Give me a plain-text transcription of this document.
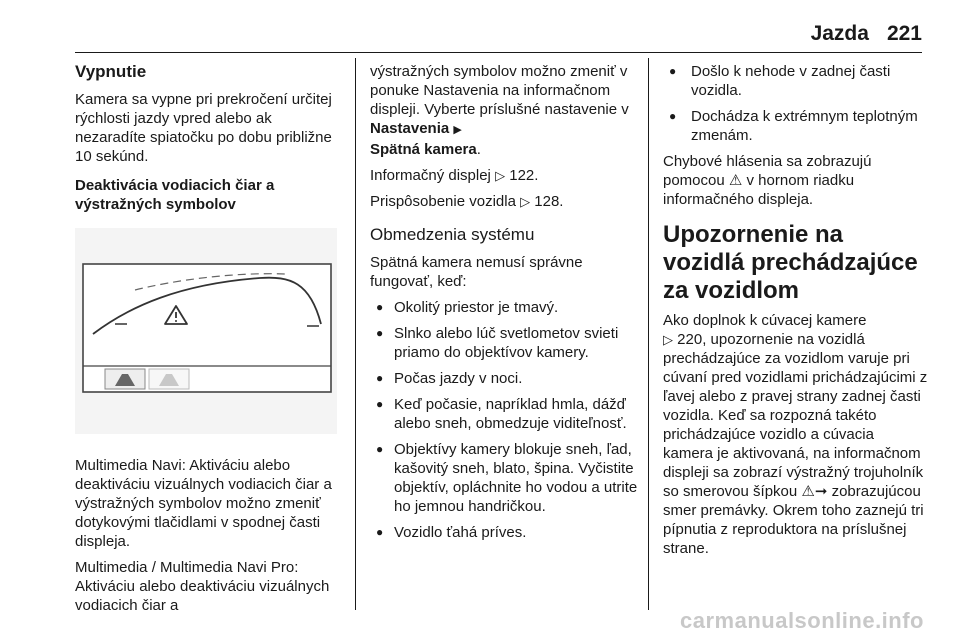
Jazda 221
Vypnutie

Kamera sa vypne pri prekročení určitej rýchlosti jazdy vpred alebo ak nezaradíte spiatočku po dobu približne 10 sekúnd.

Deaktivácia vodiacich čiar a výstražných symbolov

Multimedia Navi: Aktiváciu alebo deaktiváciu vizuálnych vodiacich čiar a výstražných symbolov možno zmeniť dotykovými tlačidlami v spodnej časti displeja.

Multimedia / Multimedia Navi Pro: Aktiváciu alebo deaktiváciu vizuálnych vodiacich čiar a

výstražných symbolov možno zmeniť v ponuke Nastavenia na informačnom displeji. Vyberte príslušné nastavenie v Nastavenia ▶
Spätná kamera.

Informačný displej ▷ 122.

Prispôsobenie vozidla ▷ 128.

Obmedzenia systému

Spätná kamera nemusí správne fungovať, keď:

● Okolitý priestor je tmavý.
● Slnko alebo lúč svetlometov svieti priamo do objektívov kamery.
● Počas jazdy v noci.
● Keď počasie, napríklad hmla, dážď alebo sneh, obmedzuje viditeľnosť.
● Objektívy kamery blokuje sneh, ľad, kašovitý sneh, blato, špina. Vyčistite objektív, opláchnite ho vodou a utrite ho jemnou handričkou.
● Vozidlo ťahá príves.
● Došlo k nehode v zadnej časti vozidla.
● Dochádza k extrémnym teplotným zmenám.

Chybové hlásenia sa zobrazujú pomocou ⚠ v hornom riadku informačného displeja.

Upozornenie na vozidlá prechádzajúce za vozidlom

Ako doplnok k cúvacej kamere
▷ 220, upozornenie na vozidlá prechádzajúce za vozidlom varuje pri cúvaní pred vozidlami prichádzajúcimi z ľavej alebo z pravej strany zadnej časti vozidla. Keď sa rozpozná takéto prichádzajúce vozidlo a cúvacia kamera je aktivovaná, na informačnom displeji sa zobrazí výstražný trojuholník so smerovou šípkou ⚠➞ zobrazujúcou smer premávky. Okrem toho zaznejú tri pípnutia z reproduktora na príslušnej strane.

carmanualsonline.info
